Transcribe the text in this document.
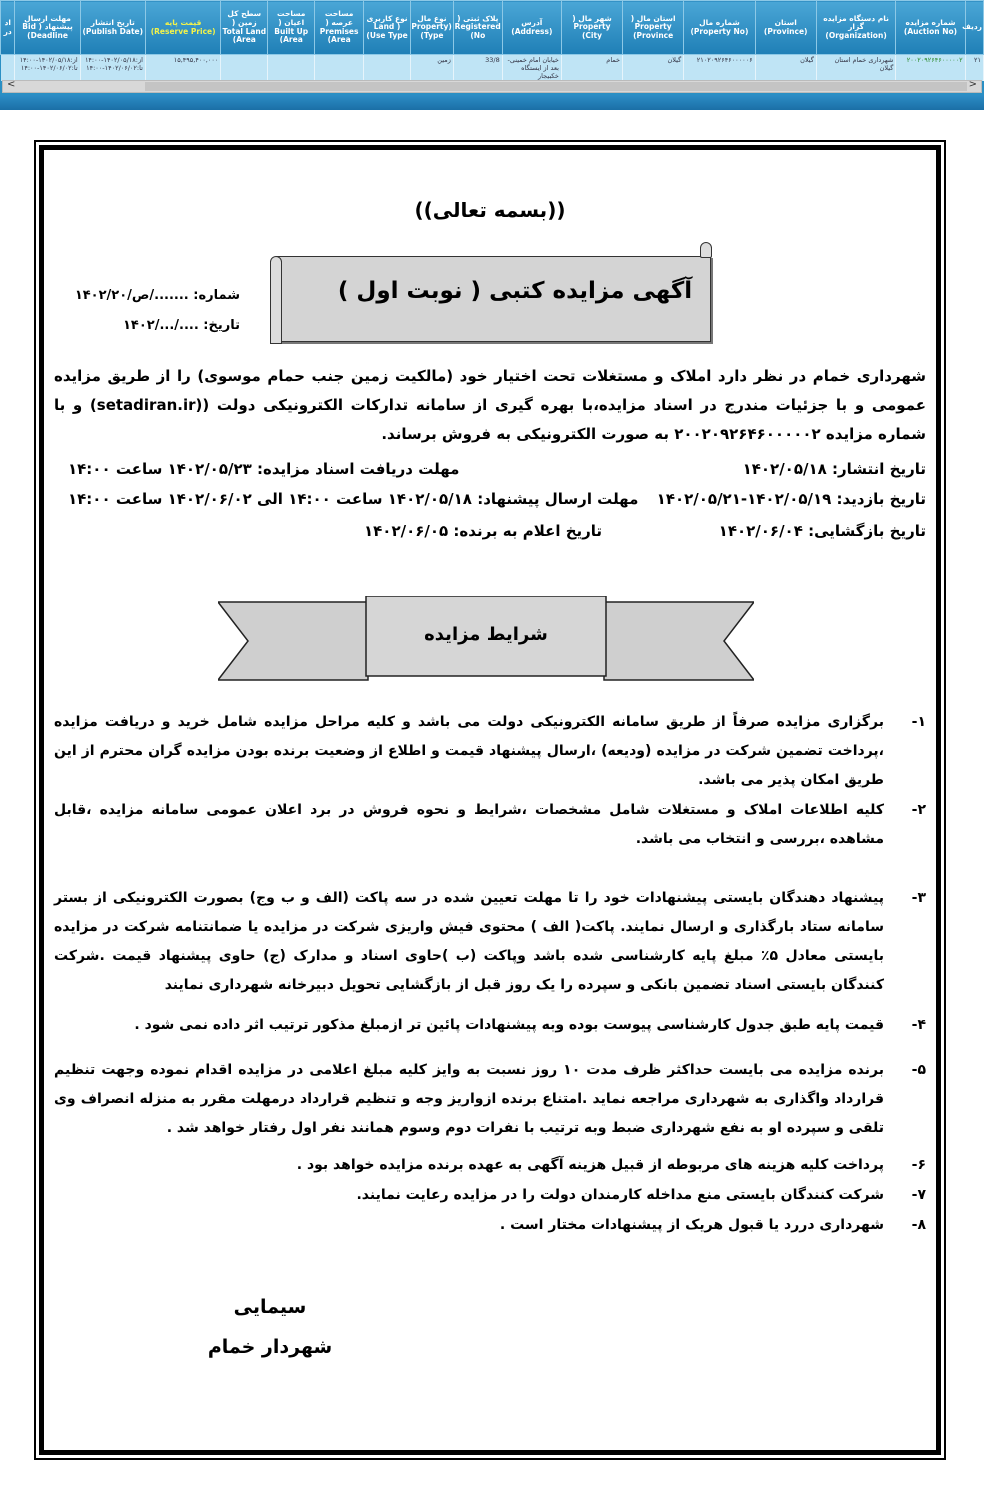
ردیف	شماره مزایده (Auction No)	نام دستگاه مزایده گزار (Organization)	استان (Province)	شماره مال (Property No)	استان مال ( Property Province)	شهر مال ( Property City)	آدرس (Address)	پلاک ثبتی ( Registered No)	نوع مال (Property Type)	نوع کاربری ( Land Use Type)	مساحت عرصه ( Premises Area)	مساحت اعیان ( Built Up Area)	سطح کل زمین ( Total Land Area)	قیمت پایه (Reserve Price)	تاریخ انتشار (Publish Date)	مهلت ارسال پیشنهاد ( Bid Deadline)	اد در
۲۱	۲۰۰۲۰۹۲۶۴۶۰۰۰۰۰۲	شهرداری خمام استان گیلان	گیلان	۲۱۰۲۰۹۲۶۴۶۰۰۰۰۰۶	گیلان	خمام	خیابان امام خمینی-بعد از ایستگاه خکبیجار	33/8	زمین					۱۵,۴۹۵,۴۰۰,۰۰۰	از:۱۴۰۲/۰۵/۱۸-۱۴:۰۰ تا:۱۴۰۲/۰۶/۰۲-۱۴:۰۰	از:۱۴۰۲/۰۵/۱۸-۱۴:۰۰ تا:۱۴۰۲/۰۶/۰۲-۱۴:۰۰	
<	>
((بسمه تعالی))
آگهی مزایده کتبی ( نوبت اول )
شماره: ......./ص/۱۴۰۲/۲۰
تاریخ: ..../.../۱۴۰۲
شهرداری خمام در نظر دارد املاک و مستغلات تحت اختیار خود (مالکیت زمین جنب حمام موسوی) را از طریق مزایده عمومی و با جزئیات مندرج در اسناد مزایده،با بهره گیری از سامانه تدارکات الکترونیکی دولت ((setadiran.ir) و با شماره مزایده ۲۰۰۲۰۹۲۶۴۶۰۰۰۰۰۲ به صورت الکترونیکی به فروش برساند.
تاریخ انتشار: ۱۴۰۲/۰۵/۱۸
مهلت دریافت اسناد مزایده: ۱۴۰۲/۰۵/۲۳ ساعت ۱۴:۰۰
تاریخ بازدید: ۱۴۰۲/۰۵/۱۹-۱۴۰۲/۰۵/۲۱
مهلت ارسال پیشنهاد: ۱۴۰۲/۰۵/۱۸ ساعت ۱۴:۰۰ الی ۱۴۰۲/۰۶/۰۲ ساعت ۱۴:۰۰
تاریخ بازگشایی: ۱۴۰۲/۰۶/۰۴
تاریخ اعلام به برنده: ۱۴۰۲/۰۶/۰۵
شرایط مزایده
۱-
برگزاری مزایده صرفاً از طریق سامانه الکترونیکی دولت می باشد و کلیه مراحل مزایده شامل خرید و دریافت مزایده ،پرداخت تضمین شرکت در مزایده (ودیعه) ،ارسال پیشنهاد قیمت و اطلاع از وضعیت برنده بودن مزایده گران محترم از این طریق امکان پذیر می باشد.
۲-
کلیه اطلاعات املاک و مستغلات شامل مشخصات ،شرایط و نحوه فروش در برد اعلان عمومی سامانه مزایده ،قابل مشاهده ،بررسی و انتخاب می باشد.
۳-
پیشنهاد دهندگان بایستی پیشنهادات خود را تا مهلت تعیین شده در سه پاکت (الف و ب وج) بصورت الکترونیکی از بستر سامانه ستاد بارگذاری و ارسال نمایند. پاکت( الف ) محتوی فیش واریزی شرکت در مزایده یا ضمانتنامه شرکت در مزایده بایستی معادل ۵٪ مبلغ پایه کارشناسی شده باشد وپاکت (ب )حاوی اسناد و مدارک (ج) حاوی پیشنهاد قیمت .شرکت کنندگان بایستی اسناد تضمین بانکی و سپرده را یک روز قبل از بازگشایی تحویل دبیرخانه شهرداری نمایند
۴-
قیمت پایه طبق جدول کارشناسی پیوست بوده وبه پیشنهادات پائین تر ازمبلغ مذکور ترتیب اثر داده نمی شود .
۵-
برنده مزایده می بایست حداکثر ظرف مدت ۱۰ روز نسبت به وایز کلیه مبلغ اعلامی در مزایده اقدام نموده وجهت تنظیم قرارداد واگذاری به شهرداری مراجعه نماید .امتناع برنده ازواریز وجه و تنظیم قرارداد درمهلت مقرر به منزله انصراف وی تلقی و سپرده او به نفع شهرداری ضبط وبه ترتیب با نفرات دوم وسوم همانند نفر اول رفتار خواهد شد .
۶-
پرداخت کلیه هزینه های مربوطه از قبیل هزینه آگهی به عهده برنده مزایده خواهد بود .
۷-
شرکت کنندگان بایستی منع مداخله کارمندان دولت را در مزایده رعایت نمایند.
۸-
شهرداری دررد یا قبول هریک از پیشنهادات مختار است .
سیمایی
شهردار خمام
